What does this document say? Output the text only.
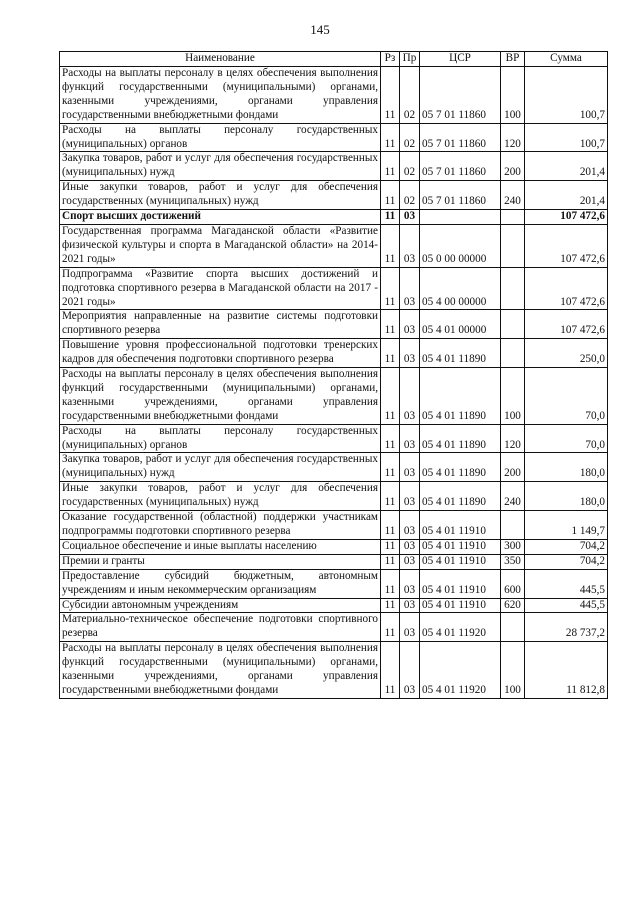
145
Наименование	Рз	Пр	ЦСР	ВР	Сумма
Расходы на выплаты персоналу в целях обеспечения выполнения функций государственными (муниципальными) органами, казенными учреждениями, органами управления государственными внебюджетными фондами	11	02	05 7 01 11860	100	100,7
Расходы на выплаты персоналу государственных (муниципальных) органов	11	02	05 7 01 11860	120	100,7
Закупка товаров, работ и услуг для обеспечения государственных (муниципальных) нужд	11	02	05 7 01 11860	200	201,4
Иные закупки товаров, работ и услуг для обеспечения государственных (муниципальных) нужд	11	02	05 7 01 11860	240	201,4
Спорт высших достижений	11	03			107 472,6
Государственная программа Магаданской области «Развитие физической культуры и спорта в Магаданской области» на 2014-2021 годы»	11	03	05 0 00 00000		107 472,6
Подпрограмма «Развитие спорта высших достижений и подготовка спортивного резерва в Магаданской области на 2017 - 2021 годы»	11	03	05 4 00 00000		107 472,6
Мероприятия направленные на развитие системы подготовки спортивного резерва	11	03	05 4 01 00000		107 472,6
Повышение уровня профессиональной подготовки тренерских кадров для обеспечения подготовки спортивного резерва	11	03	05 4 01 11890		250,0
Расходы на выплаты персоналу в целях обеспечения выполнения функций государственными (муниципальными) органами, казенными учреждениями, органами управления государственными внебюджетными фондами	11	03	05 4 01 11890	100	70,0
Расходы на выплаты персоналу государственных (муниципальных) органов	11	03	05 4 01 11890	120	70,0
Закупка товаров, работ и услуг для обеспечения государственных (муниципальных) нужд	11	03	05 4 01 11890	200	180,0
Иные закупки товаров, работ и услуг для обеспечения государственных (муниципальных) нужд	11	03	05 4 01 11890	240	180,0
Оказание государственной (областной) поддержки участникам подпрограммы подготовки спортивного резерва	11	03	05 4 01 11910		1 149,7
Социальное обеспечение и иные выплаты населению	11	03	05 4 01 11910	300	704,2
Премии и гранты	11	03	05 4 01 11910	350	704,2
Предоставление субсидий бюджетным, автономным учреждениям и иным некоммерческим организациям	11	03	05 4 01 11910	600	445,5
Субсидии автономным учреждениям	11	03	05 4 01 11910	620	445,5
Материально-техническое обеспечение подготовки спортивного резерва	11	03	05 4 01 11920		28 737,2
Расходы на выплаты персоналу в целях обеспечения выполнения функций государственными (муниципальными) органами, казенными учреждениями, органами управления государственными внебюджетными фондами	11	03	05 4 01 11920	100	11 812,8
